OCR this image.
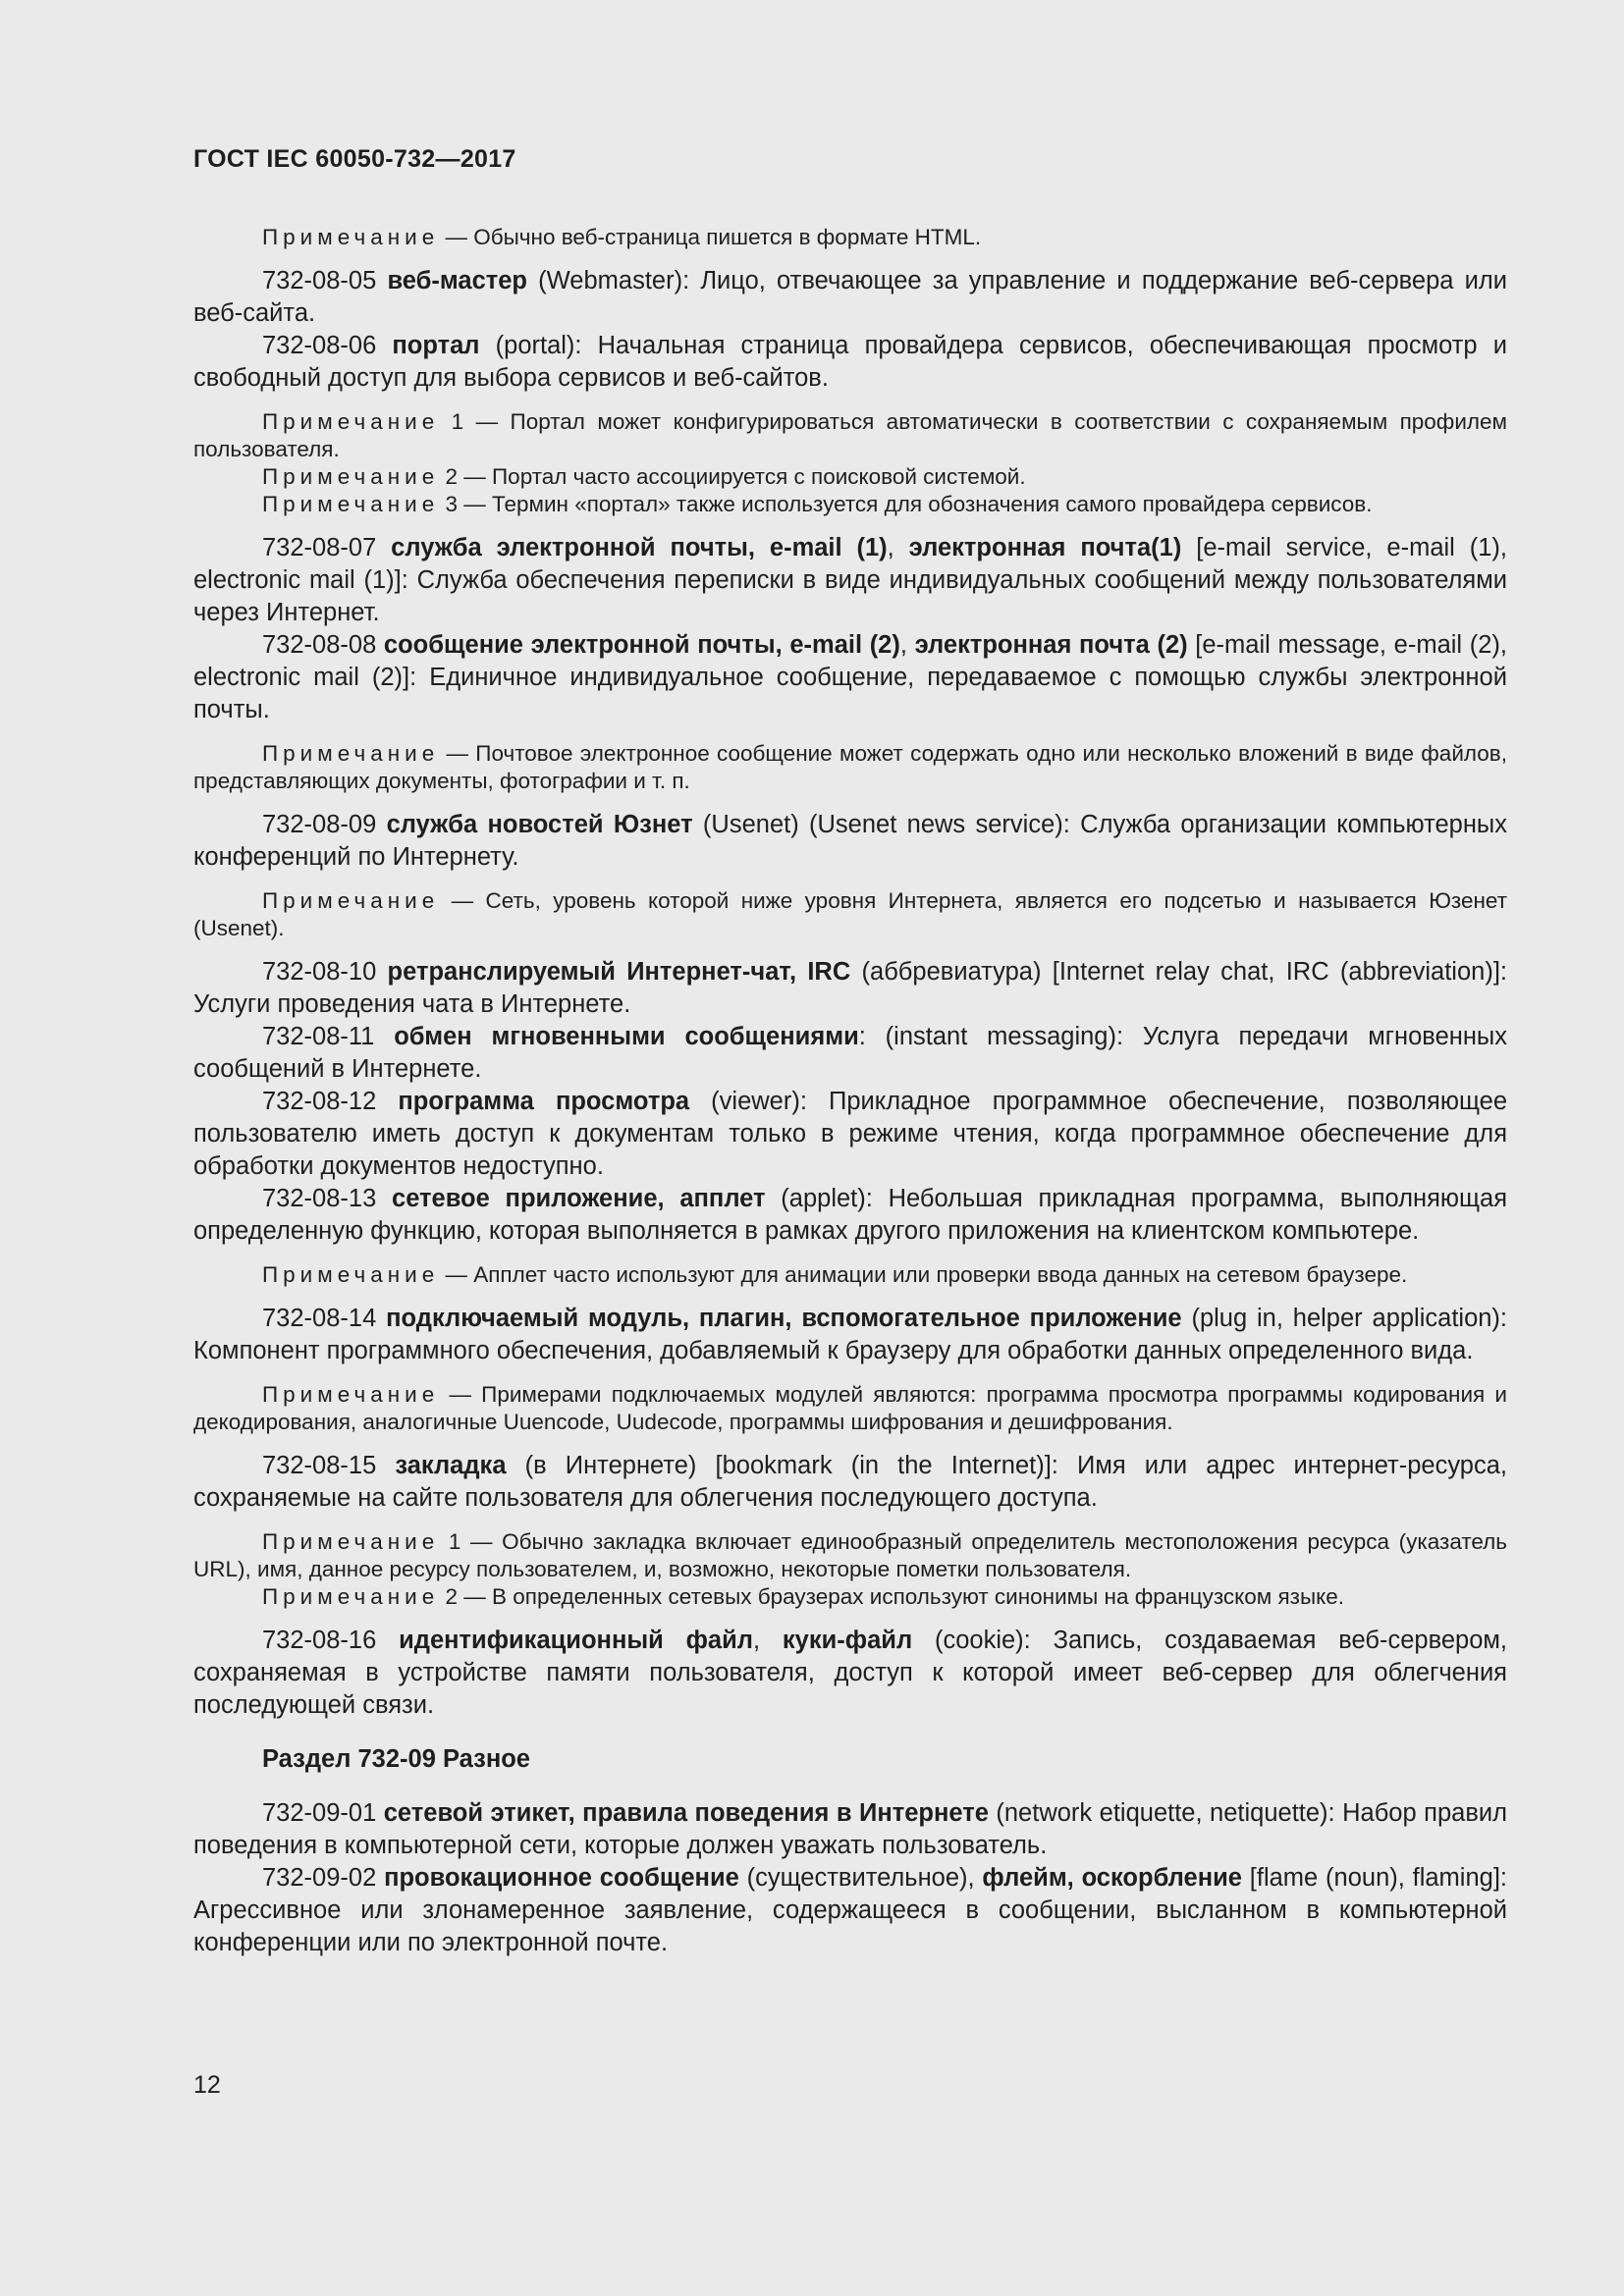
ГОСТ IEC 60050-732—2017

Примечание — Обычно веб-страница пишется в формате HTML.

732-08-05 веб-мастер (Webmaster): Лицо, отвечающее за управление и поддержание веб-сервера или веб-сайта.

732-08-06 портал (portal): Начальная страница провайдера сервисов, обеспечивающая просмотр и свободный доступ для выбора сервисов и веб-сайтов.

Примечание 1 — Портал может конфигурироваться автоматически в соответствии с сохраняемым профилем пользователя.

Примечание 2 — Портал часто ассоциируется с поисковой системой.

Примечание 3 — Термин «портал» также используется для обозначения самого провайдера сервисов.

732-08-07 служба электронной почты, e-mail (1), электронная почта(1) [e-mail service, e-mail (1), electronic mail (1)]: Служба обеспечения переписки в виде индивидуальных сообщений между пользователями через Интернет.

732-08-08 сообщение электронной почты, e-mail (2), электронная почта (2) [e-mail message, e-mail (2), electronic mail (2)]: Единичное индивидуальное сообщение, передаваемое с помощью службы электронной почты.

Примечание — Почтовое электронное сообщение может содержать одно или несколько вложений в виде файлов, представляющих документы, фотографии и т. п.

732-08-09 служба новостей Юзнет (Usenet) (Usenet news service): Служба организации компьютерных конференций по Интернету.

Примечание — Сеть, уровень которой ниже уровня Интернета, является его подсетью и называется Юзенет (Usenet).

732-08-10 ретранслируемый Интернет-чат, IRC (аббревиатура) [Internet relay chat, IRC (abbreviation)]: Услуги проведения чата в Интернете.

732-08-11 обмен мгновенными сообщениями: (instant messaging): Услуга передачи мгновенных сообщений в Интернете.

732-08-12 программа просмотра (viewer): Прикладное программное обеспечение, позволяющее пользователю иметь доступ к документам только в режиме чтения, когда программное обеспечение для обработки документов недоступно.

732-08-13 сетевое приложение, апплет (applet): Небольшая прикладная программа, выполняющая определенную функцию, которая выполняется в рамках другого приложения на клиентском компьютере.

Примечание — Апплет часто используют для анимации или проверки ввода данных на сетевом браузере.

732-08-14 подключаемый модуль, плагин, вспомогательное приложение (plug in, helper application): Компонент программного обеспечения, добавляемый к браузеру для обработки данных определенного вида.

Примечание — Примерами подключаемых модулей являются: программа просмотра программы кодирования и декодирования, аналогичные Uuencode, Uudecode, программы шифрования и дешифрования.

732-08-15 закладка (в Интернете) [bookmark (in the Internet)]: Имя или адрес интернет-ресурса, сохраняемые на сайте пользователя для облегчения последующего доступа.

Примечание 1 — Обычно закладка включает единообразный определитель местоположения ресурса (указатель URL), имя, данное ресурсу пользователем, и, возможно, некоторые пометки пользователя.

Примечание 2 — В определенных сетевых браузерах используют синонимы на французском языке.

732-08-16 идентификационный файл, куки-файл (cookie): Запись, создаваемая веб-сервером, сохраняемая в устройстве памяти пользователя, доступ к которой имеет веб-сервер для облегчения последующей связи.

Раздел 732-09 Разное

732-09-01 сетевой этикет, правила поведения в Интернете (network etiquette, netiquette): Набор правил поведения в компьютерной сети, которые должен уважать пользователь.

732-09-02 провокационное сообщение (существительное), флейм, оскорбление [flame (noun), flaming]: Агрессивное или злонамеренное заявление, содержащееся в сообщении, высланном в компьютерной конференции или по электронной почте.

12
